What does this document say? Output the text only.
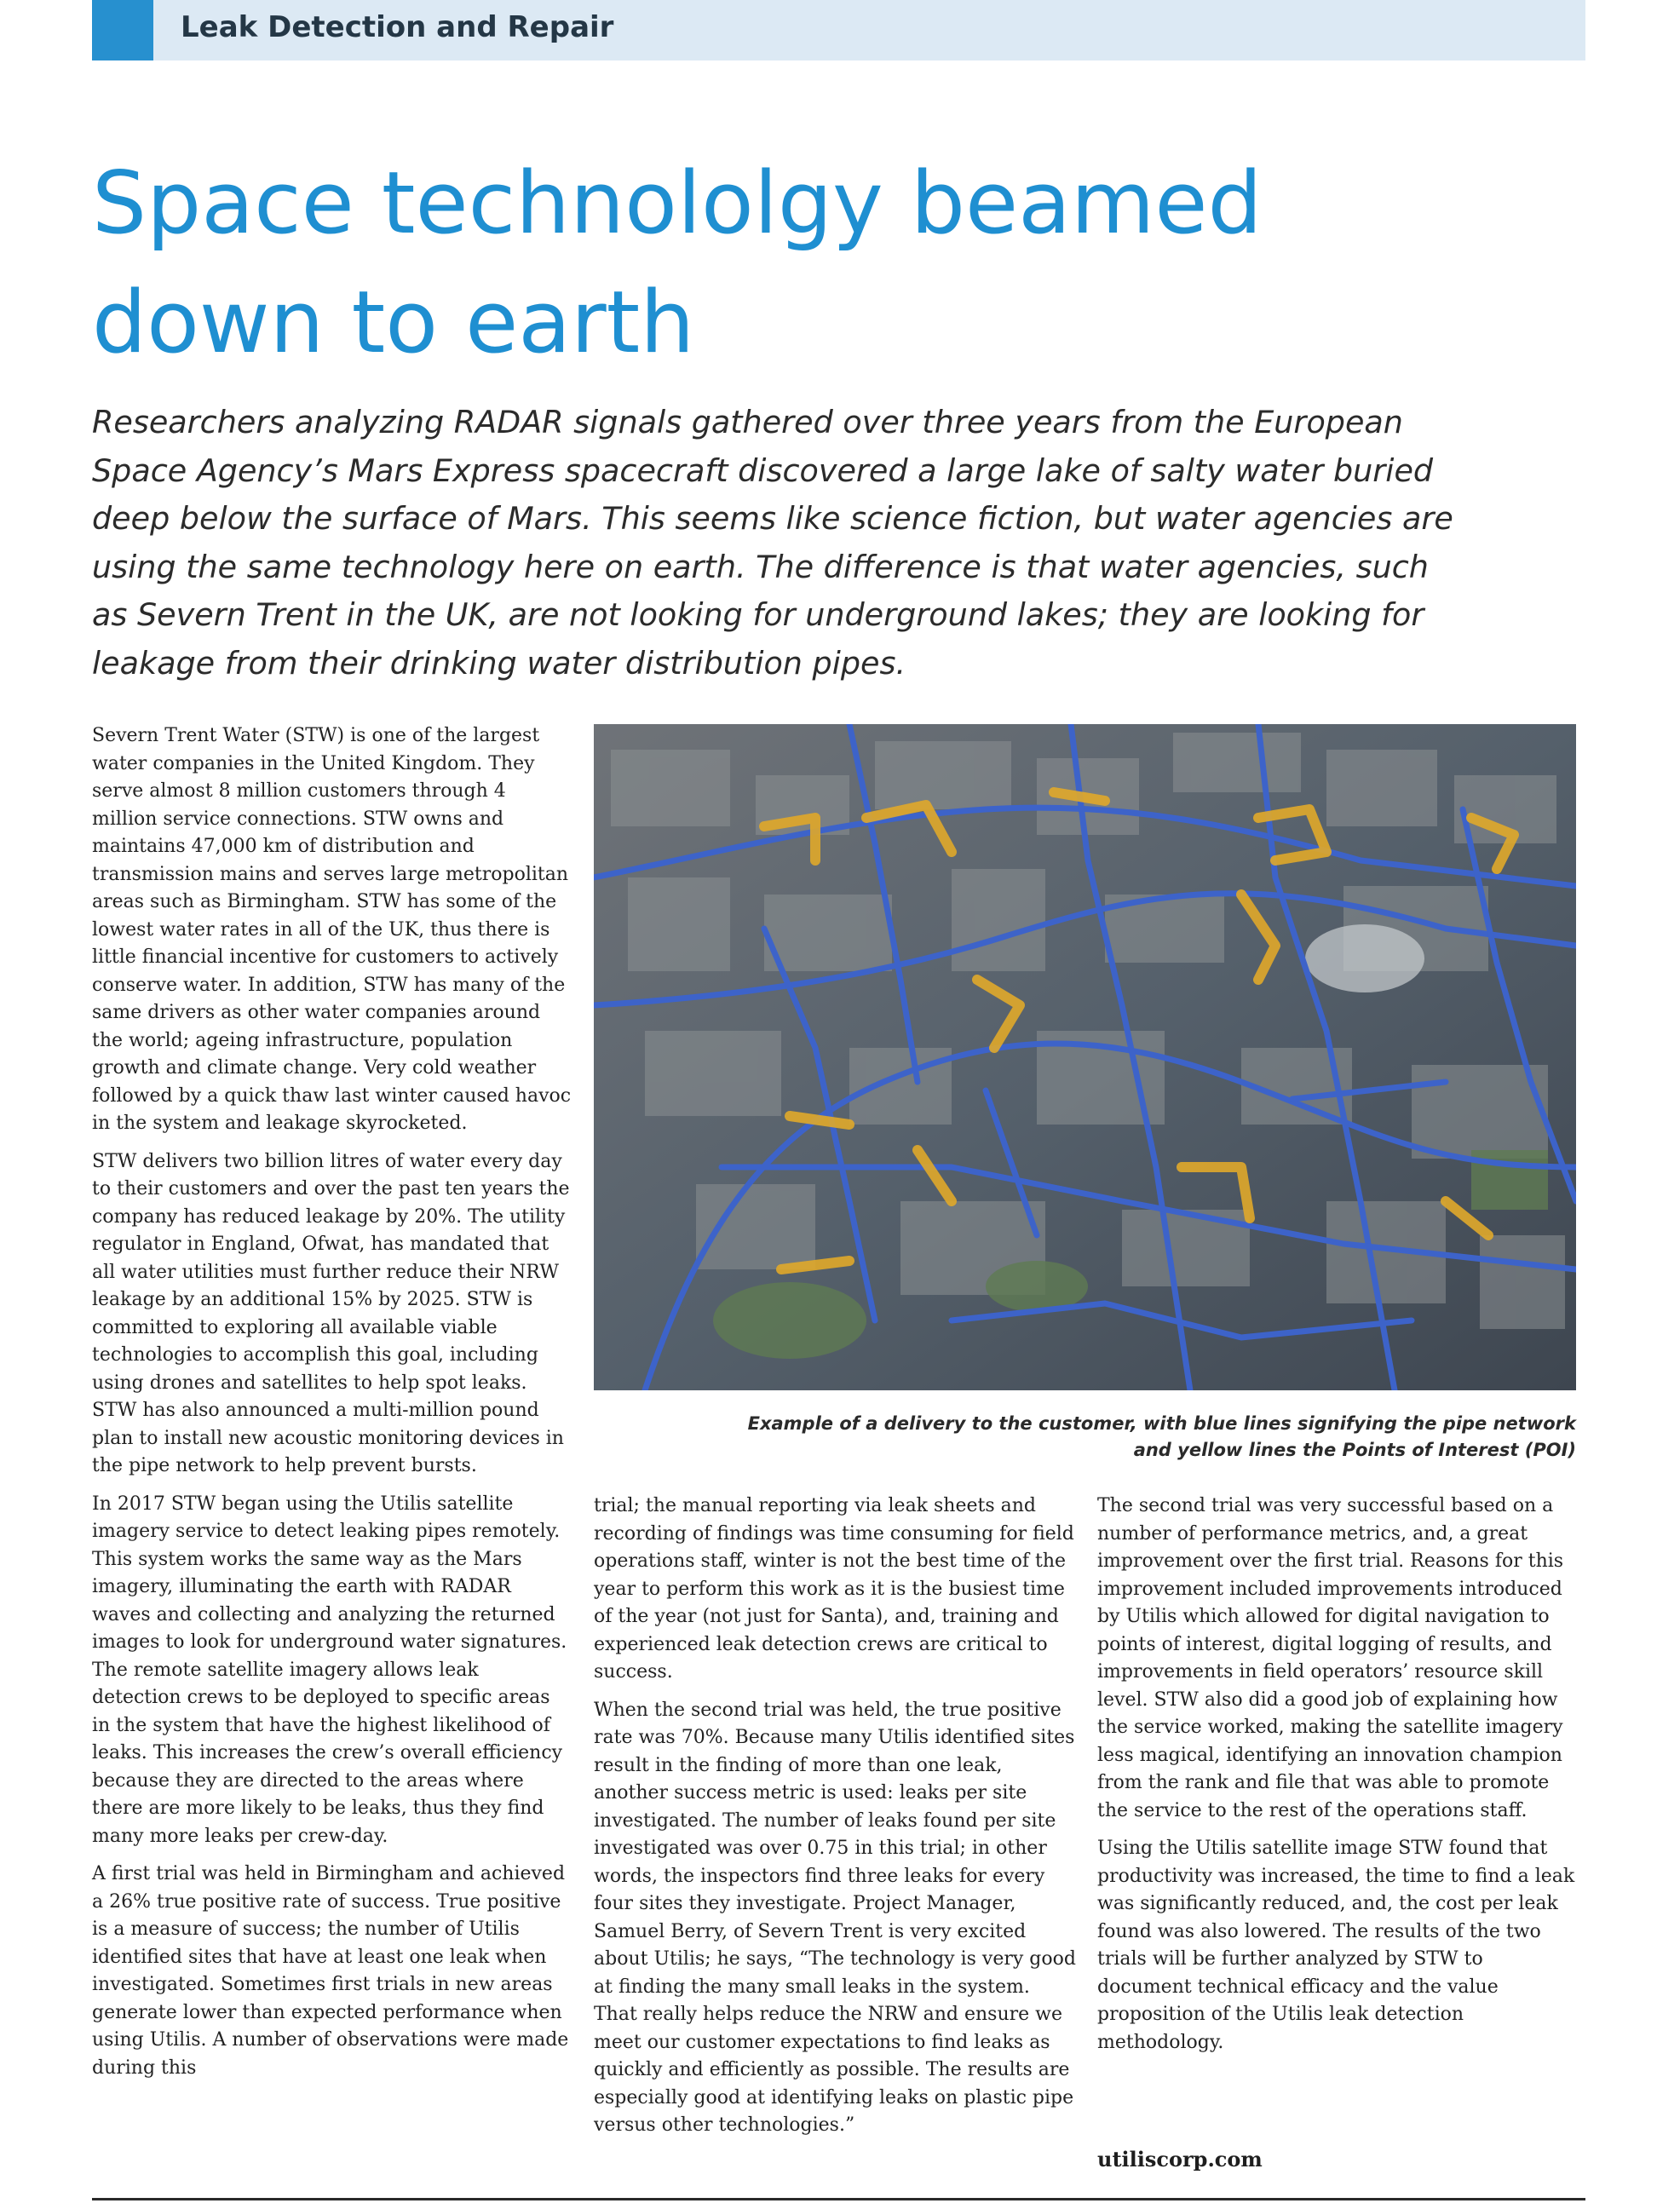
Leak Detection and Repair
Space technololgy beamed
down to earth
Researchers analyzing RADAR signals gathered over three years from the European
Space Agency’s Mars Express spacecraft discovered a large lake of salty water buried
deep below the surface of Mars. This seems like science fiction, but water agencies are
using the same technology here on earth. The difference is that water agencies, such
as Severn Trent in the UK, are not looking for underground lakes; they are looking for
leakage from their drinking water distribution pipes.

Severn Trent Water (STW) is one of the largest water companies in the United Kingdom. They serve almost 8 million customers through 4 million service connections. STW owns and maintains 47,000 km of distribution and transmission mains and serves large metropolitan areas such as Birmingham. STW has some of the lowest water rates in all of the UK, thus there is little financial incentive for customers to actively conserve water. In addition, STW has many of the same drivers as other water companies around the world; ageing infrastructure, population growth and climate change. Very cold weather followed by a quick thaw last winter caused havoc in the system and leakage skyrocketed.

STW delivers two billion litres of water every day to their customers and over the past ten years the company has reduced leakage by 20%. The utility regulator in England, Ofwat, has mandated that all water utilities must further reduce their NRW leakage by an additional 15% by 2025. STW is committed to exploring all available viable technologies to accomplish this goal, including using drones and satellites to help spot leaks. STW has also announced a multi-million pound plan to install new acoustic monitoring devices in the pipe network to help prevent bursts.

In 2017 STW began using the Utilis satellite imagery service to detect leaking pipes remotely. This system works the same way as the Mars imagery, illuminating the earth with RADAR waves and collecting and analyzing the returned images to look for underground water signatures. The remote satellite imagery allows leak detection crews to be deployed to specific areas in the system that have the highest likelihood of leaks. This increases the crew’s overall efficiency because they are directed to the areas where there are more likely to be leaks, thus they find many more leaks per crew-day.

A first trial was held in Birmingham and achieved a 26% true positive rate of success. True positive is a measure of success; the number of Utilis identified sites that have at least one leak when investigated. Sometimes first trials in new areas generate lower than expected performance when using Utilis. A number of observations were made during this

Example of a delivery to the customer, with blue lines signifying the pipe network
and yellow lines the Points of Interest (POI)

trial; the manual reporting via leak sheets and recording of findings was time consuming for field operations staff, winter is not the best time of the year to perform this work as it is the busiest time of the year (not just for Santa), and, training and experienced leak detection crews are critical to success.

When the second trial was held, the true positive rate was 70%. Because many Utilis identified sites result in the finding of more than one leak, another success metric is used: leaks per site investigated. The number of leaks found per site investigated was over 0.75 in this trial; in other words, the inspectors find three leaks for every four sites they investigate. Project Manager, Samuel Berry, of Severn Trent is very excited about Utilis; he says, “The technology is very good at finding the many small leaks in the system. That really helps reduce the NRW and ensure we meet our customer expectations to find leaks as quickly and efficiently as possible. The results are especially good at identifying leaks on plastic pipe versus other technologies.”

The second trial was very successful based on a number of performance metrics, and, a great improvement over the first trial. Reasons for this improvement included improvements introduced by Utilis which allowed for digital navigation to points of interest, digital logging of results, and improvements in field operators’ resource skill level. STW also did a good job of explaining how the service worked, making the satellite imagery less magical, identifying an innovation champion from the rank and file that was able to promote the service to the rest of the operations staff.

Using the Utilis satellite image STW found that productivity was increased, the time to find a leak was significantly reduced, and, the cost per leak found was also lowered. The results of the two trials will be further analyzed by STW to document technical efficacy and the value proposition of the Utilis leak detection methodology.

utiliscorp.com
